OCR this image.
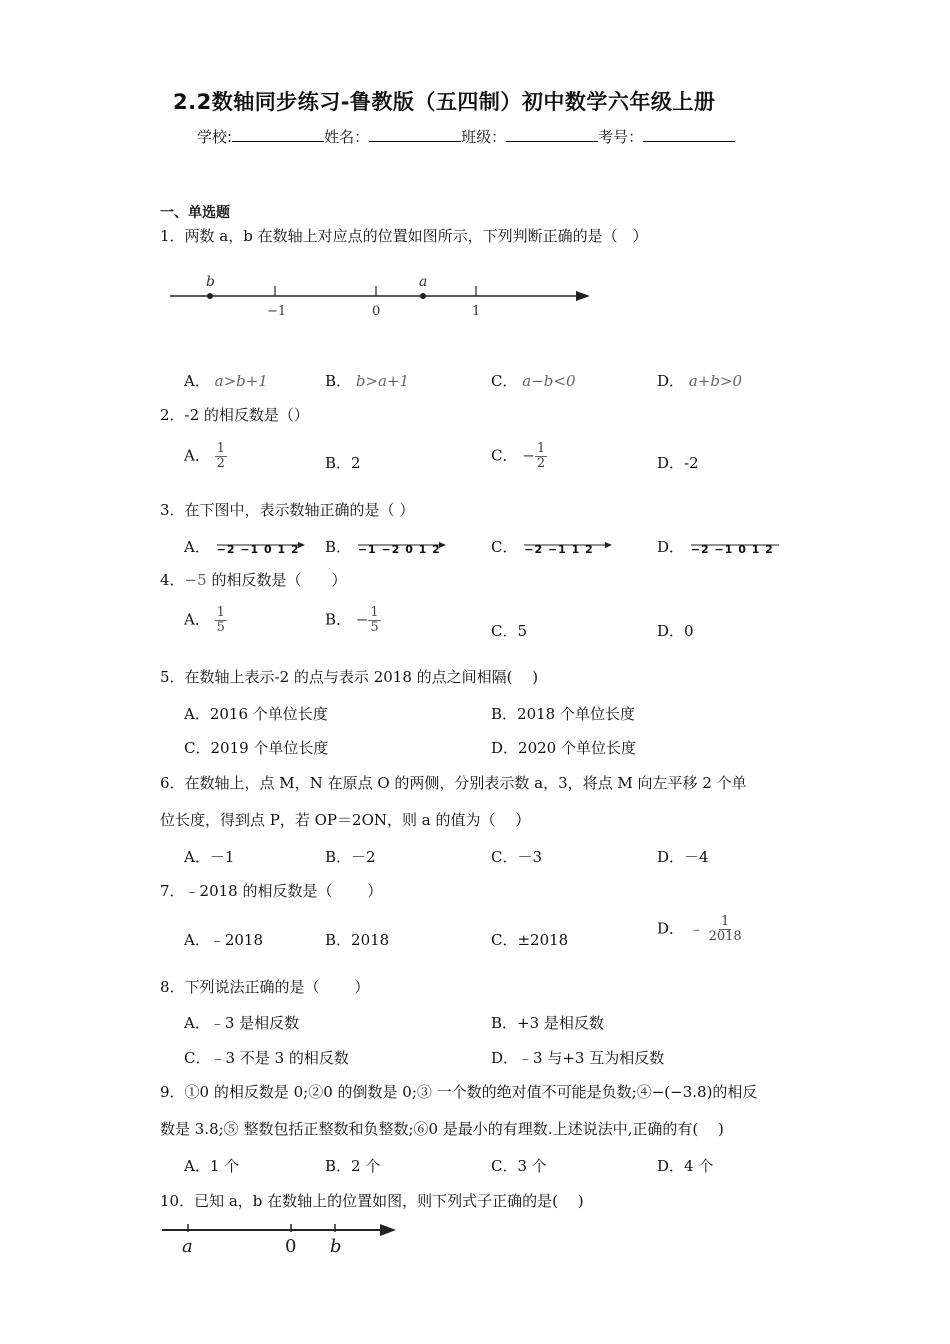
2.2数轴同步练习-鲁教版（五四制）初中数学六年级上册
学校:	姓名：	班级：	考号：
一、单选题
1．两数 a，b 在数轴上对应点的位置如图所示，下列判断正确的是（　）
b	a
−1	0	1
A． a>b+1	B． b>a+1	C． a−b<0	D． a+b>0
2．-2 的相反数是（）
A． $\frac{1}{2}$	B．2	C． − $\frac{1}{2}$	D．-2
3．在下图中，表示数轴正确的是（ ）
A． −2 −1 0 1 2 B． −1 −2 0 1 2	C． −2 −1 1 2	D． −2 −1 0 1 2
4．−5 的相反数是（　　）
A． $\frac{1}{5}$	B． − $\frac{1}{5}$	C．5	D．0
5．在数轴上表示-2 的点与表示 2018 的点之间相隔(　 )
A．2016 个单位长度	B．2018 个单位长度
C．2019 个单位长度	D．2020 个单位长度
6．在数轴上，点 M，N 在原点 O 的两侧，分别表示数 a，3，将点 M 向左平移 2 个单
位长度，得到点 P，若 OP＝2ON，则 a 的值为（　 ）
A．－1	B．－2	C．－3	D．－4
7．﹣2018 的相反数是（　　 ）
A．﹣2018	B．2018	C．±2018
D． ﹣ $\frac{1}{2018}$
8．下列说法正确的是（　　 ）
A．﹣3 是相反数	B．+3 是相反数
C．﹣3 不是 3 的相反数	D．﹣3 与+3 互为相反数
9．①0 的相反数是 0;②0 的倒数是 0;③ 一个数的绝对值不可能是负数;④−(−3.8)的相反
数是 3.8;⑤ 整数包括正整数和负整数;⑥0 是最小的有理数.上述说法中,正确的有(　 )
A．1 个	B．2 个	C．3 个	D．4 个
10．已知 a，b 在数轴上的位置如图，则下列式子正确的是(　 )
a	0 b
